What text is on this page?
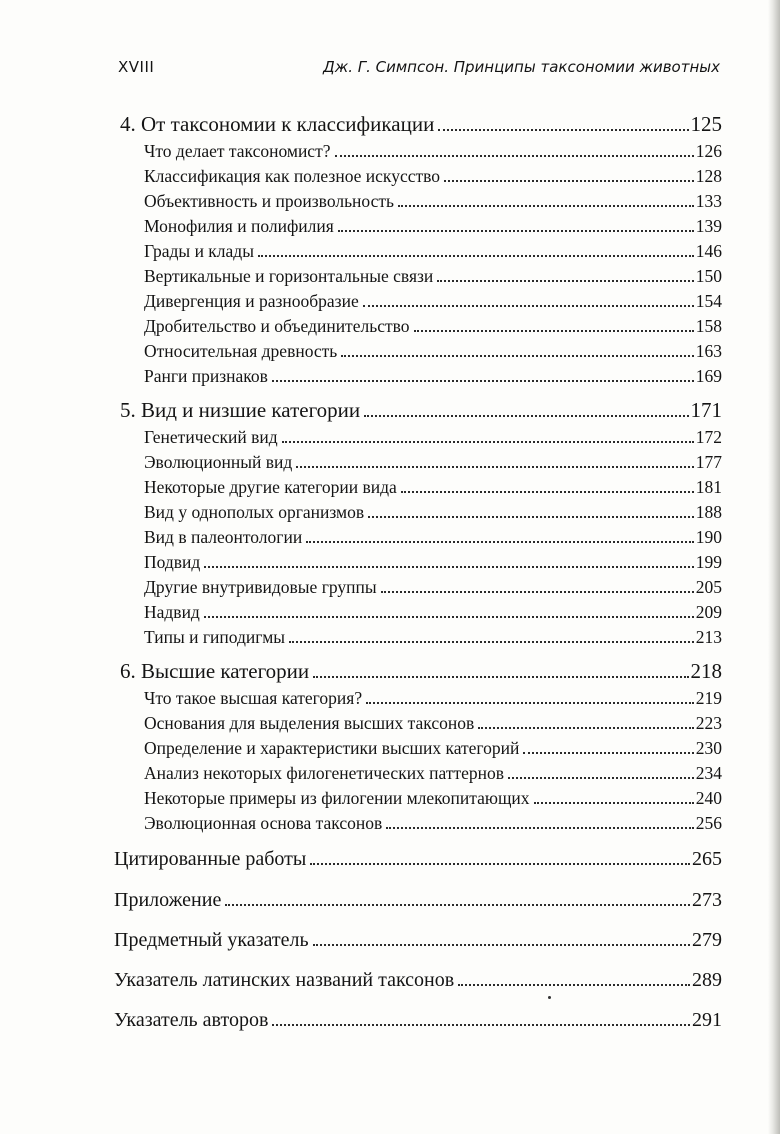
XVIII	Дж. Г. Симпсон. Принципы таксономии животных
4. От таксономии к классификации	125
Что делает таксономист?	126
Классификация как полезное искусство	128
Объективность и произвольность	133
Монофилия и полифилия	139
Грады и клады	146
Вертикальные и горизонтальные связи	150
Дивергенция и разнообразие	154
Дробительство и объединительство	158
Относительная древность	163
Ранги признаков	169
5. Вид и низшие категории	171
Генетический вид	172
Эволюционный вид	177
Некоторые другие категории вида	181
Вид у однополых организмов	188
Вид в палеонтологии	190
Подвид	199
Другие внутривидовые группы	205
Надвид	209
Типы и гиподигмы	213
6. Высшие категории	218
Что такое высшая категория?	219
Основания для выделения высших таксонов	223
Определение и характеристики высших категорий	230
Анализ некоторых филогенетических паттернов	234
Некоторые примеры из филогении млекопитающих	240
Эволюционная основа таксонов	256
Цитированные работы	265
Приложение	273
Предметный указатель	279
Указатель латинских названий таксонов	289
Указатель авторов	291
